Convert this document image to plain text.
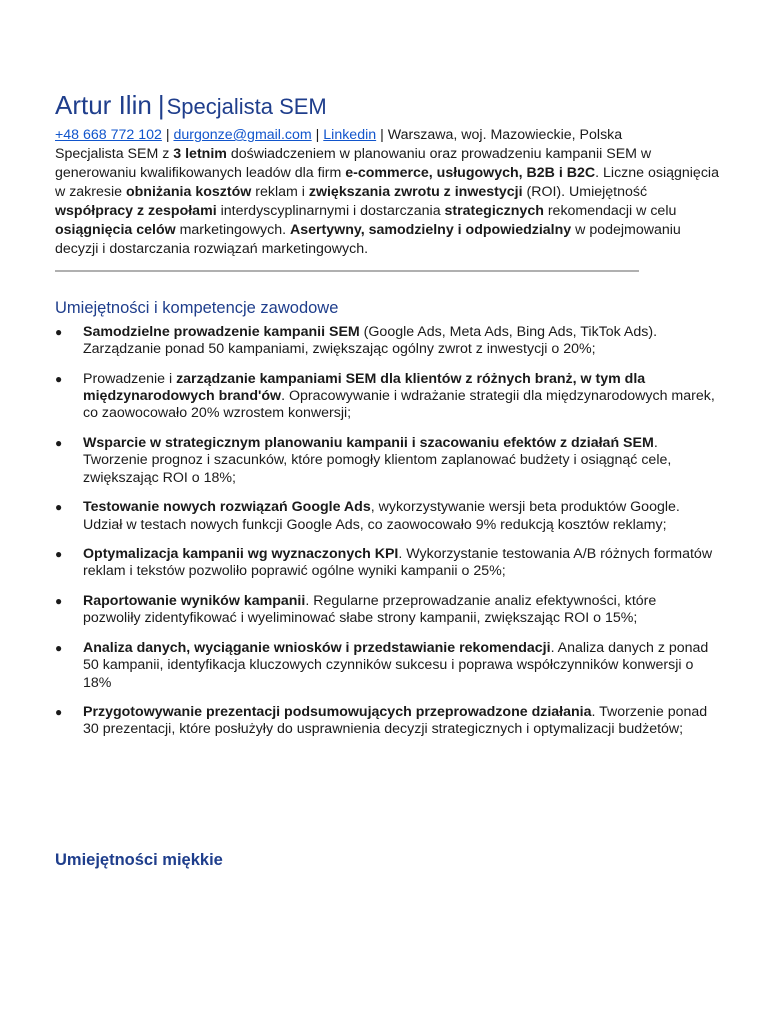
Artur Ilin |Specjalista SEM
+48 668 772 102 | durgonze@gmail.com | Linkedin | Warszawa, woj. Mazowieckie, Polska

Specjalista SEM z 3 letnim doświadczeniem w planowaniu oraz prowadzeniu kampanii SEM w generowaniu kwalifikowanych leadów dla firm e-commerce, usługowych, B2B i B2C. Liczne osiągnięcia w zakresie obniżania kosztów reklam i zwiększania zwrotu z inwestycji (ROI). Umiejętność współpracy z zespołami interdyscyplinarnymi i dostarczania strategicznych rekomendacji w celu osiągnięcia celów marketingowych. Asertywny, samodzielny i odpowiedzialny w podejmowaniu decyzji i dostarczania rozwiązań marketingowych.

Umiejętności i kompetencje zawodowe
● Samodzielne prowadzenie kampanii SEM (Google Ads, Meta Ads, Bing Ads, TikTok Ads). Zarządzanie ponad 50 kampaniami, zwiększając ogólny zwrot z inwestycji o 20%;
● Prowadzenie i zarządzanie kampaniami SEM dla klientów z różnych branż, w tym dla międzynarodowych brand'ów. Opracowywanie i wdrażanie strategii dla międzynarodowych marek, co zaowocowało 20% wzrostem konwersji;
● Wsparcie w strategicznym planowaniu kampanii i szacowaniu efektów z działań SEM. Tworzenie prognoz i szacunków, które pomogły klientom zaplanować budżety i osiągnąć cele, zwiększając ROI o 18%;
● Testowanie nowych rozwiązań Google Ads, wykorzystywanie wersji beta produktów Google. Udział w testach nowych funkcji Google Ads, co zaowocowało 9% redukcją kosztów reklamy;
● Optymalizacja kampanii wg wyznaczonych KPI. Wykorzystanie testowania A/B różnych formatów reklam i tekstów pozwoliło poprawić ogólne wyniki kampanii o 25%;
● Raportowanie wyników kampanii. Regularne przeprowadzanie analiz efektywności, które pozwoliły zidentyfikować i wyeliminować słabe strony kampanii, zwiększając ROI o 15%;
● Analiza danych, wyciąganie wniosków i przedstawianie rekomendacji. Analiza danych z ponad 50 kampanii, identyfikacja kluczowych czynników sukcesu i poprawa współczynników konwersji o 18%
● Przygotowywanie prezentacji podsumowujących przeprowadzone działania. Tworzenie ponad 30 prezentacji, które posłużyły do usprawnienia decyzji strategicznych i optymalizacji budżetów;
Umiejętności miękkie
